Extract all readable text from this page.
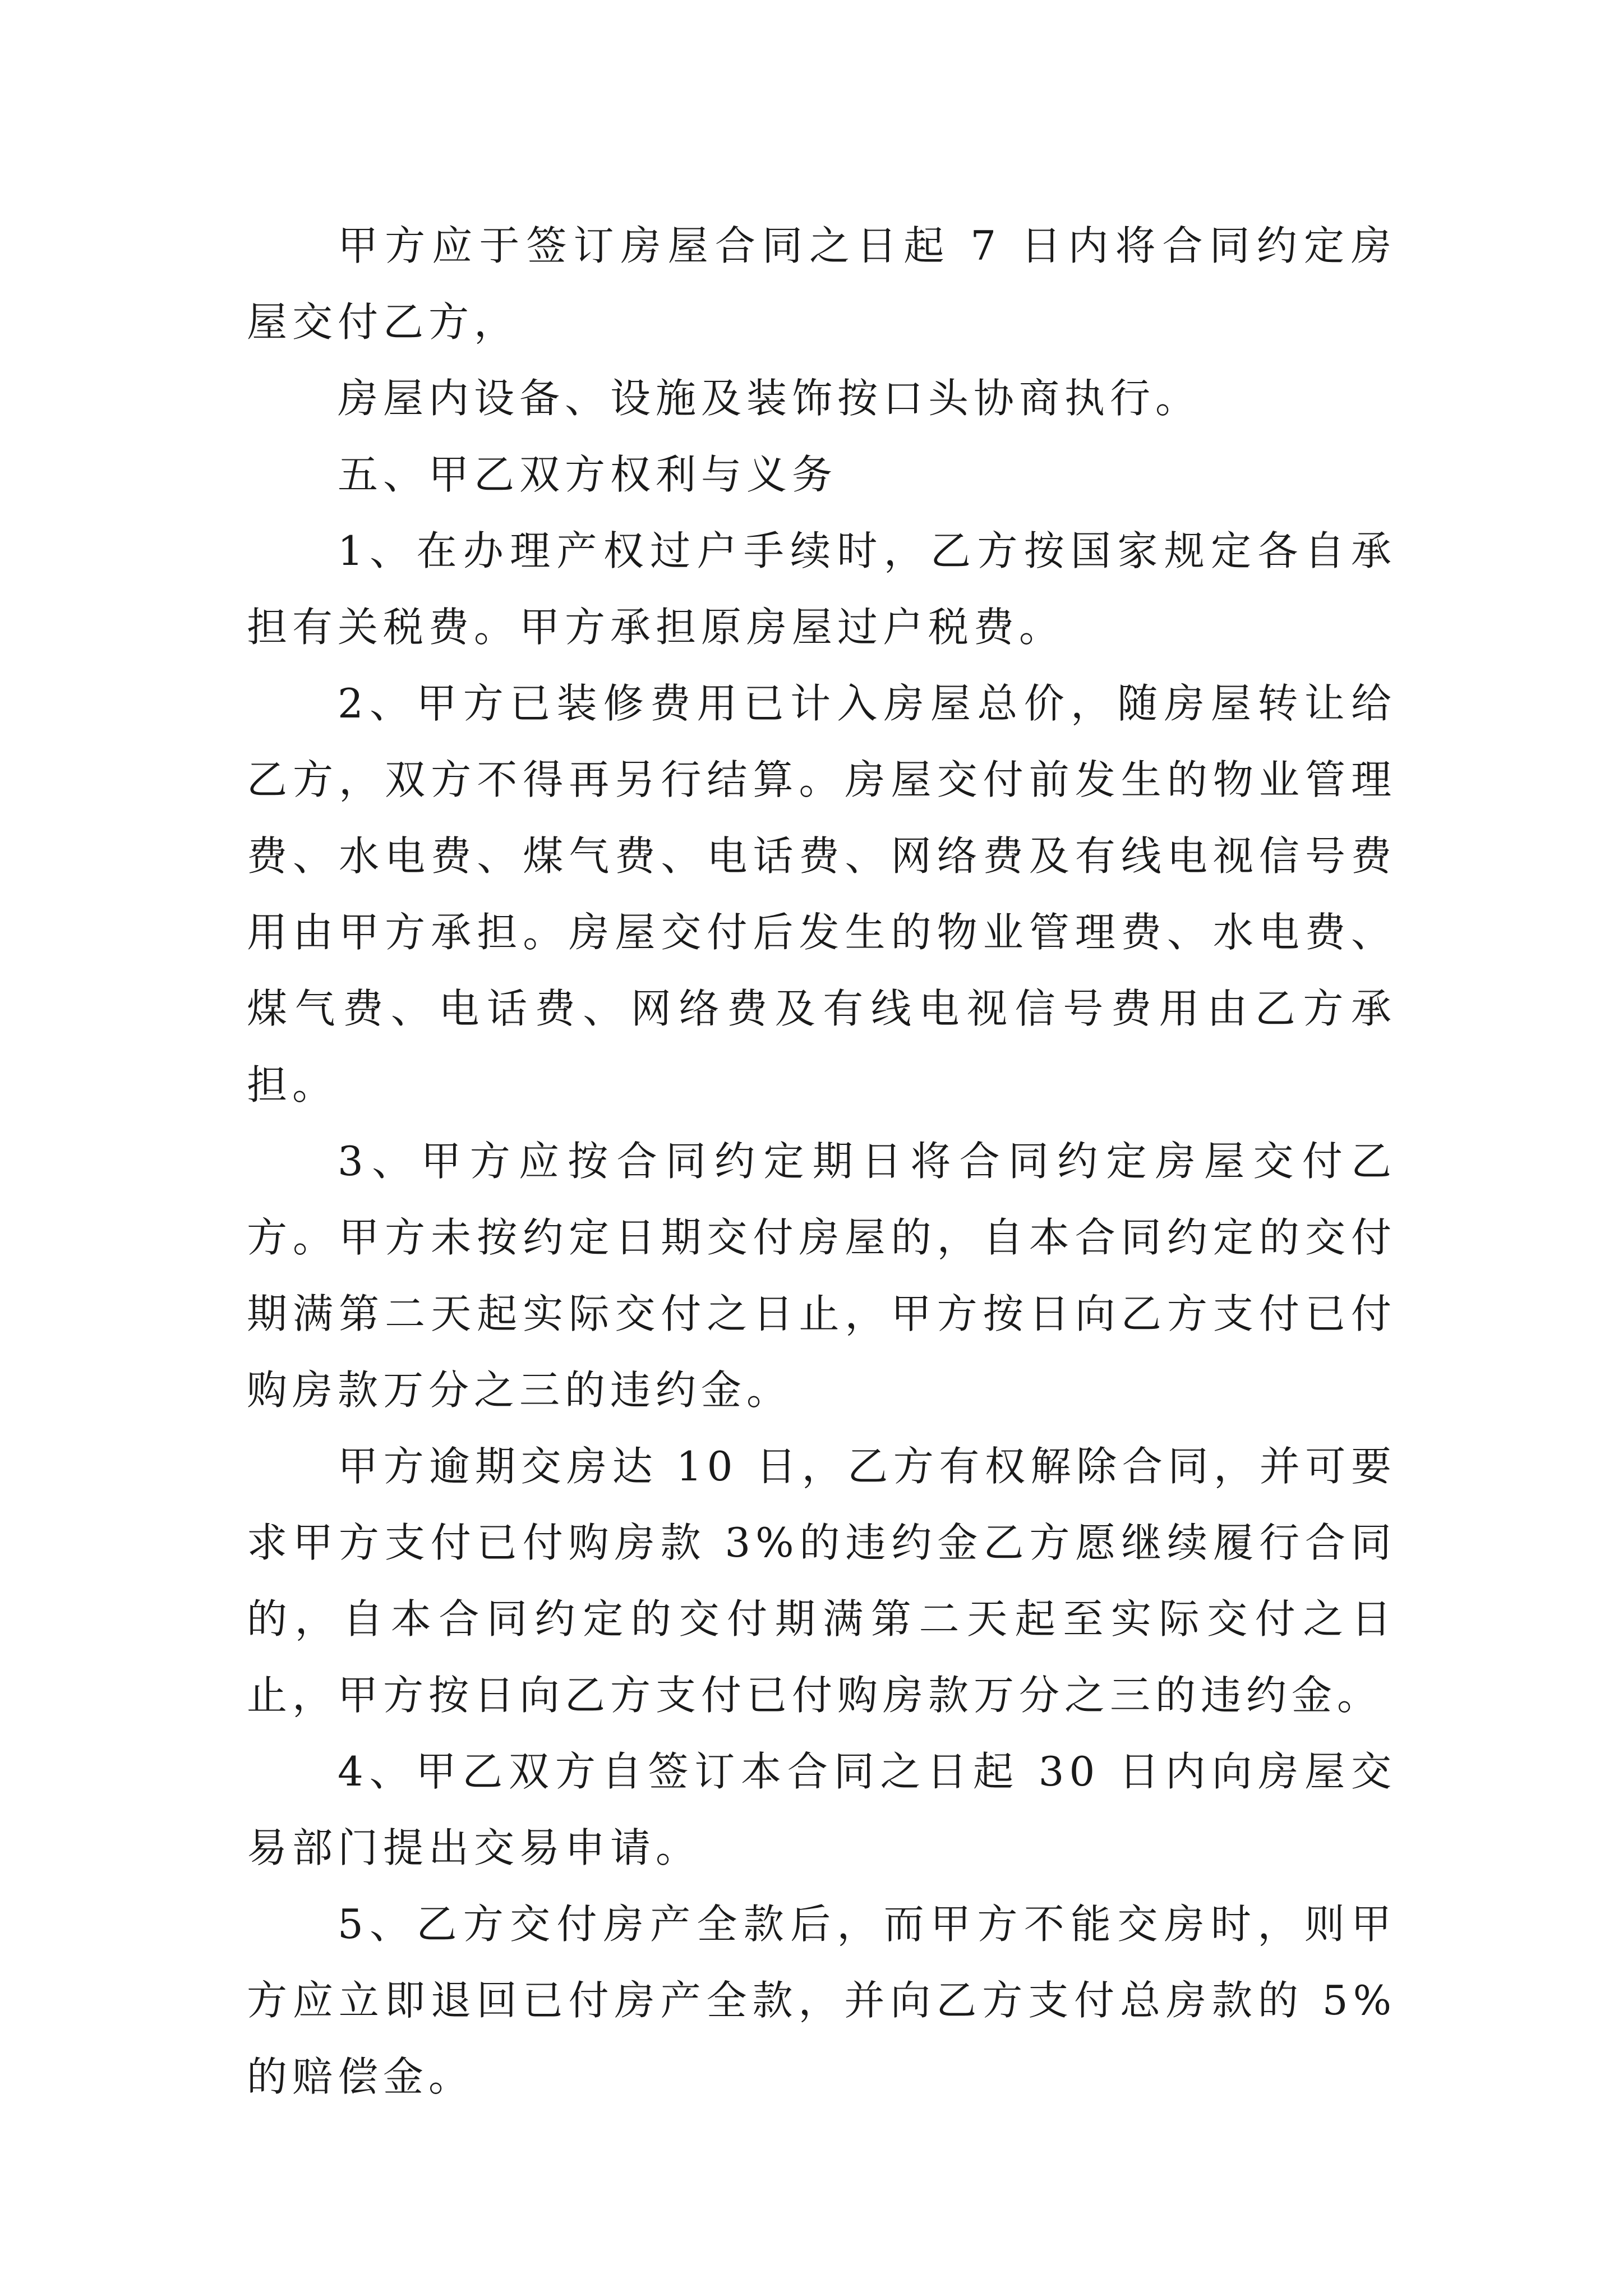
甲方应于签订房屋合同之日起 7 日内将合同约定房屋交付乙方，

房屋内设备、设施及装饰按口头协商执行。

五、甲乙双方权利与义务

1、在办理产权过户手续时，乙方按国家规定各自承担有关税费。甲方承担原房屋过户税费。

2、甲方已装修费用已计入房屋总价，随房屋转让给乙方，双方不得再另行结算。房屋交付前发生的物业管理费、水电费、煤气费、电话费、网络费及有线电视信号费用由甲方承担。房屋交付后发生的物业管理费、水电费、煤气费、电话费、网络费及有线电视信号费用由乙方承担。

3、甲方应按合同约定期日将合同约定房屋交付乙方。甲方未按约定日期交付房屋的，自本合同约定的交付期满第二天起实际交付之日止，甲方按日向乙方支付已付购房款万分之三的违约金。

甲方逾期交房达 10 日，乙方有权解除合同，并可要求甲方支付已付购房款 3%的违约金乙方愿继续履行合同的，自本合同约定的交付期满第二天起至实际交付之日止，甲方按日向乙方支付已付购房款万分之三的违约金。

4、甲乙双方自签订本合同之日起 30 日内向房屋交易部门提出交易申请。

5、乙方交付房产全款后，而甲方不能交房时，则甲方应立即退回已付房产全款，并向乙方支付总房款的 5%的赔偿金。
